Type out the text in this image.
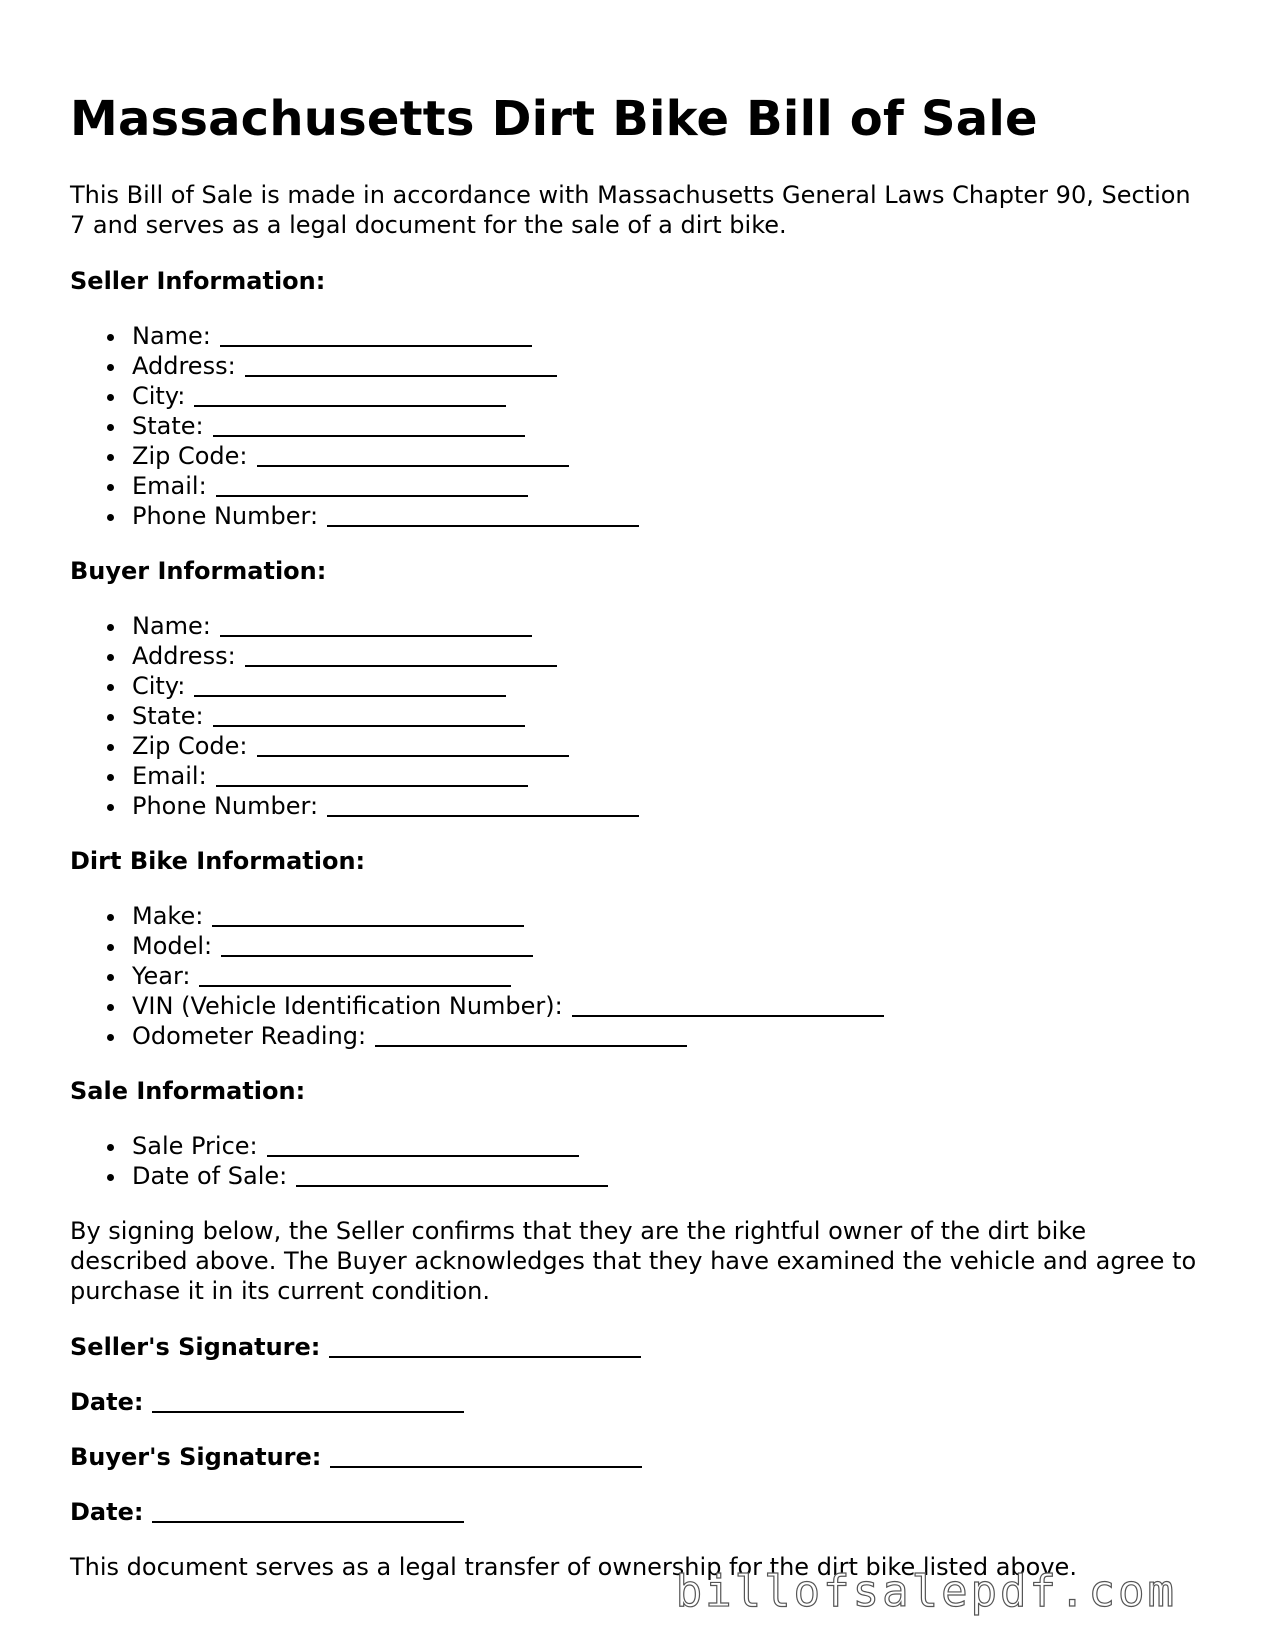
Massachusetts Dirt Bike Bill of Sale

This Bill of Sale is made in accordance with Massachusetts General Laws Chapter 90, Section 7 and serves as a legal document for the sale of a dirt bike.

Seller Information:
Name:
Address:
City:
State:
Zip Code:
Email:
Phone Number:
Buyer Information:
Name:
Address:
City:
State:
Zip Code:
Email:
Phone Number:
Dirt Bike Information:
Make:
Model:
Year:
VIN (Vehicle Identification Number):
Odometer Reading:
Sale Information:
Sale Price:
Date of Sale:

By signing below, the Seller confirms that they are the rightful owner of the dirt bike described above. The Buyer acknowledges that they have examined the vehicle and agree to purchase it in its current condition.

Seller's Signature:
Date:
Buyer's Signature:
Date:

This document serves as a legal transfer of ownership for the dirt bike listed above.

billofsalepdf.com
